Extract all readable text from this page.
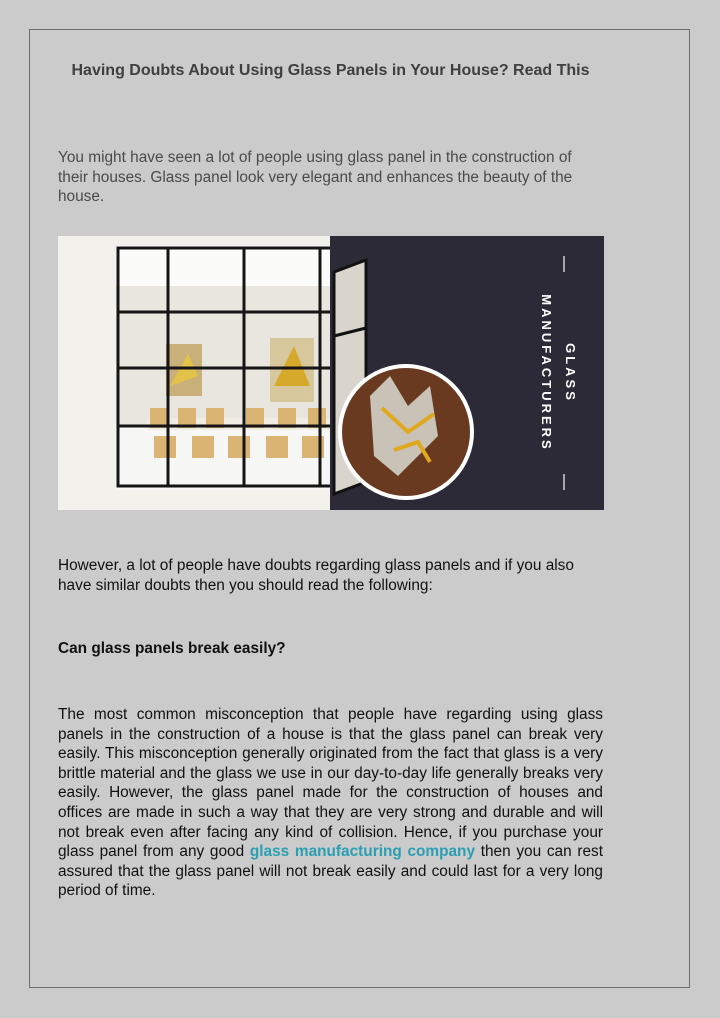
Having Doubts About Using Glass Panels in Your House? Read This
You might have seen a lot of people using glass panel in the construction of their houses. Glass panel look very elegant and enhances the beauty of the house.
MANUFACTURERS GLASS
However, a lot of people have doubts regarding glass panels and if you also have similar doubts then you should read the following:
Can glass panels break easily?
The most common misconception that people have regarding using glass panels in the construction of a house is that the glass panel can break very easily. This misconception generally originated from the fact that glass is a very brittle material and the glass we use in our day-to-day life generally breaks very easily. However, the glass panel made for the construction of houses and offices are made in such a way that they are very strong and durable and will not break even after facing any kind of collision. Hence, if you purchase your glass panel from any good glass manufacturing company then you can rest assured that the glass panel will not break easily and could last for a very long period of time.
